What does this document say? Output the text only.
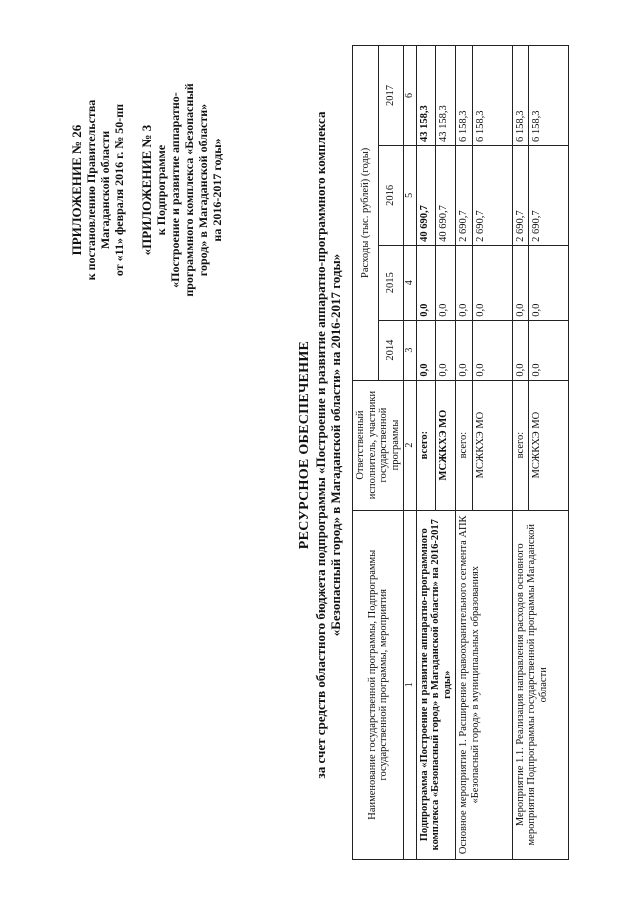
ПРИЛОЖЕНИЕ № 26 к постановлению Правительства Магаданской области от «11» февраля 2016 г. № 50-пп «ПРИЛОЖЕНИЕ № 3 к Подпрограмме «Построение и развитие аппаратно- программного комплекса «Безопасный город» в Магаданской области» на 2016-2017 годы»
РЕСУРСНОЕ ОБЕСПЕЧЕНИЕ за счет средств областного бюджета подпрограммы «Построение и развитие аппаратно-программного комплекса «Безопасный город» в Магаданской области» на 2016-2017 годы»
Наименование государственной программы, Подпрограммы государственной программы, мероприятия	Ответственный исполнитель, участники государственной программы	Расходы (тыс. рублей) (годы)			
		2014	2015	2016	2017
1	2	3	4	5	6
Подпрограмма «Построение и развитие аппаратно-программного комплекса «Безопасный город» в Магаданской области» на 2016-2017 годы»	всего:	0,0	0,0	40 690,7	43 158,3
	МСЖКХЭ МО	0,0	0,0	40 690,7	43 158,3
Основное мероприятие 1. Расширение правоохранительного сегмента АПК «Безопасный город» в муниципальных образованиях	всего:	0,0	0,0	2 690,7	6 158,3
	МСЖКХЭ МО	0,0	0,0	2 690,7	6 158,3
Мероприятие 1.1. Реализация направления расходов основного мероприятия Подпрограммы государственной программы Магаданской области	всего:	0,0	0,0	2 690,7	6 158,3
	МСЖКХЭ МО	0,0	0,0	2 690,7	6 158,3
